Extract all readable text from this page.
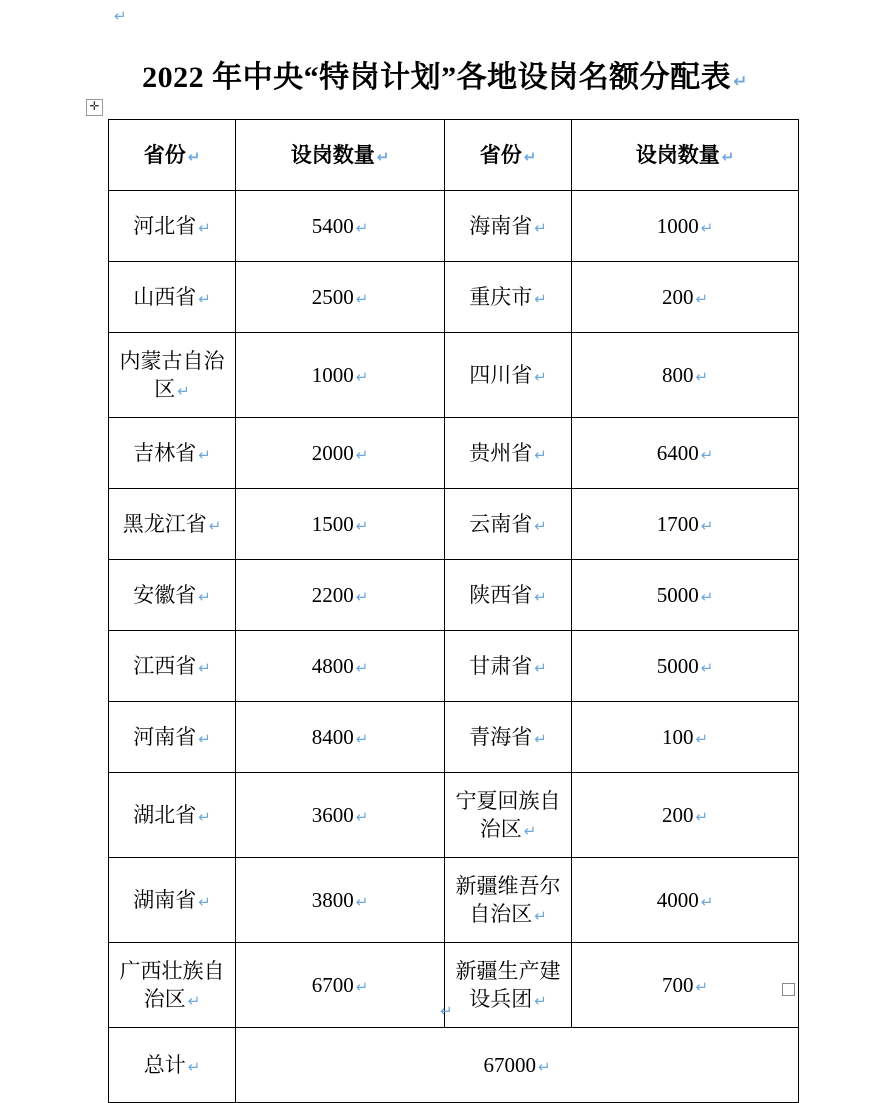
↵
2022 年中央“特岗计划”各地设岗名额分配表 ↵
✛
省份 ↵	设岗数量 ↵	省份 ↵	设岗数量 ↵
河北省 ↵	5400 ↵	海南省 ↵	1000 ↵
山西省 ↵	2500 ↵	重庆市 ↵	200 ↵
内蒙古自治区 ↵	1000 ↵	四川省 ↵	800 ↵
吉林省 ↵	2000 ↵	贵州省 ↵	6400 ↵
黑龙江省 ↵	1500 ↵	云南省 ↵	1700 ↵
安徽省 ↵	2200 ↵	陕西省 ↵	5000 ↵
江西省 ↵	4800 ↵	甘肃省 ↵	5000 ↵
河南省 ↵	8400 ↵	青海省 ↵	100 ↵
湖北省 ↵	3600 ↵	宁夏回族自治区 ↵	200 ↵
湖南省 ↵	3800 ↵	新疆维吾尔自治区 ↵	4000 ↵
广西壮族自治区 ↵	6700 ↵	新疆生产建设兵团 ↵	700 ↵
总计 ↵	67000 ↵		
↵
